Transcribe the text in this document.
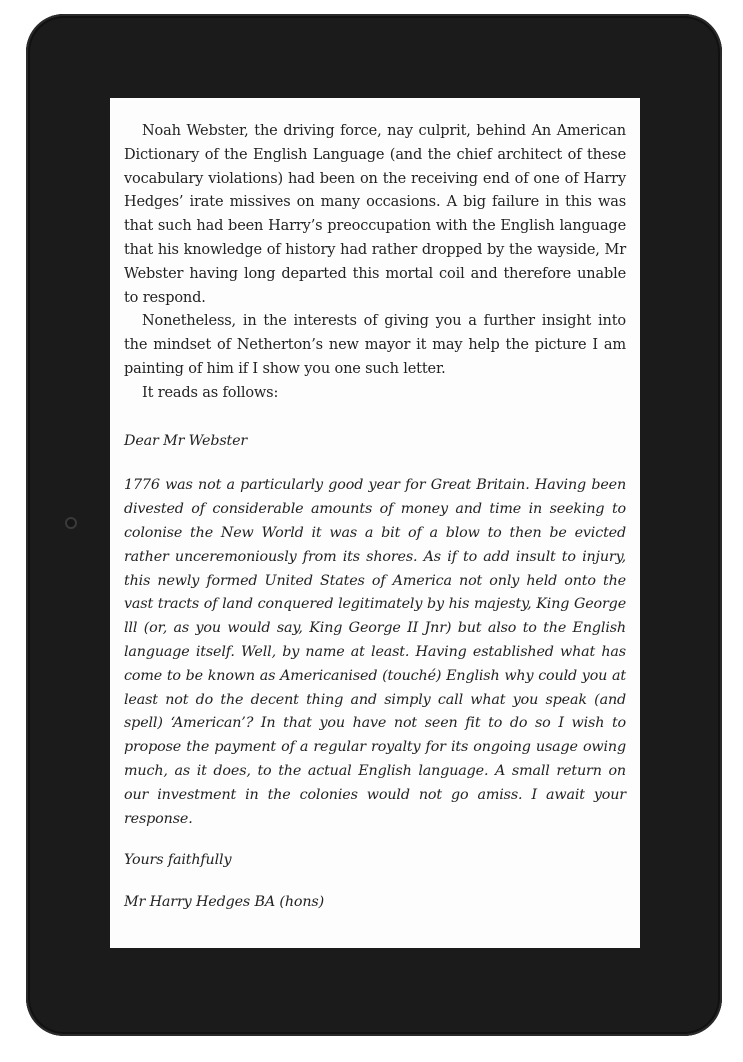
Noah Webster, the driving force, nay culprit, behind An American Dictionary of the English Language (and the chief architect of these vocabulary violations) had been on the receiving end of one of Harry Hedges’ irate missives on many occasions. A big failure in this was that such had been Harry’s preoccupation with the English language that his knowledge of history had rather dropped by the wayside, Mr Webster having long departed this mortal coil and therefore unable to respond.

Nonetheless, in the interests of giving you a further insight into the mindset of Netherton’s new mayor it may help the picture I am painting of him if I show you one such letter.

It reads as follows:

Dear Mr Webster

1776 was not a particularly good year for Great Britain. Having been divested of considerable amounts of money and time in seeking to colonise the New World it was a bit of a blow to then be evicted rather unceremoniously from its shores. As if to add insult to injury, this newly formed United States of America not only held onto the vast tracts of land conquered legitimately by his majesty, King George lll (or, as you would say, King George II Jnr) but also to the English language itself. Well, by name at least. Having established what has come to be known as Americanised (touché) English why could you at least not do the decent thing and simply call what you speak (and spell) ‘American’? In that you have not seen fit to do so I wish to propose the payment of a regular royalty for its ongoing usage owing much, as it does, to the actual English language. A small return on our investment in the colonies would not go amiss. I await your response.

Yours faithfully

Mr Harry Hedges BA (hons)
